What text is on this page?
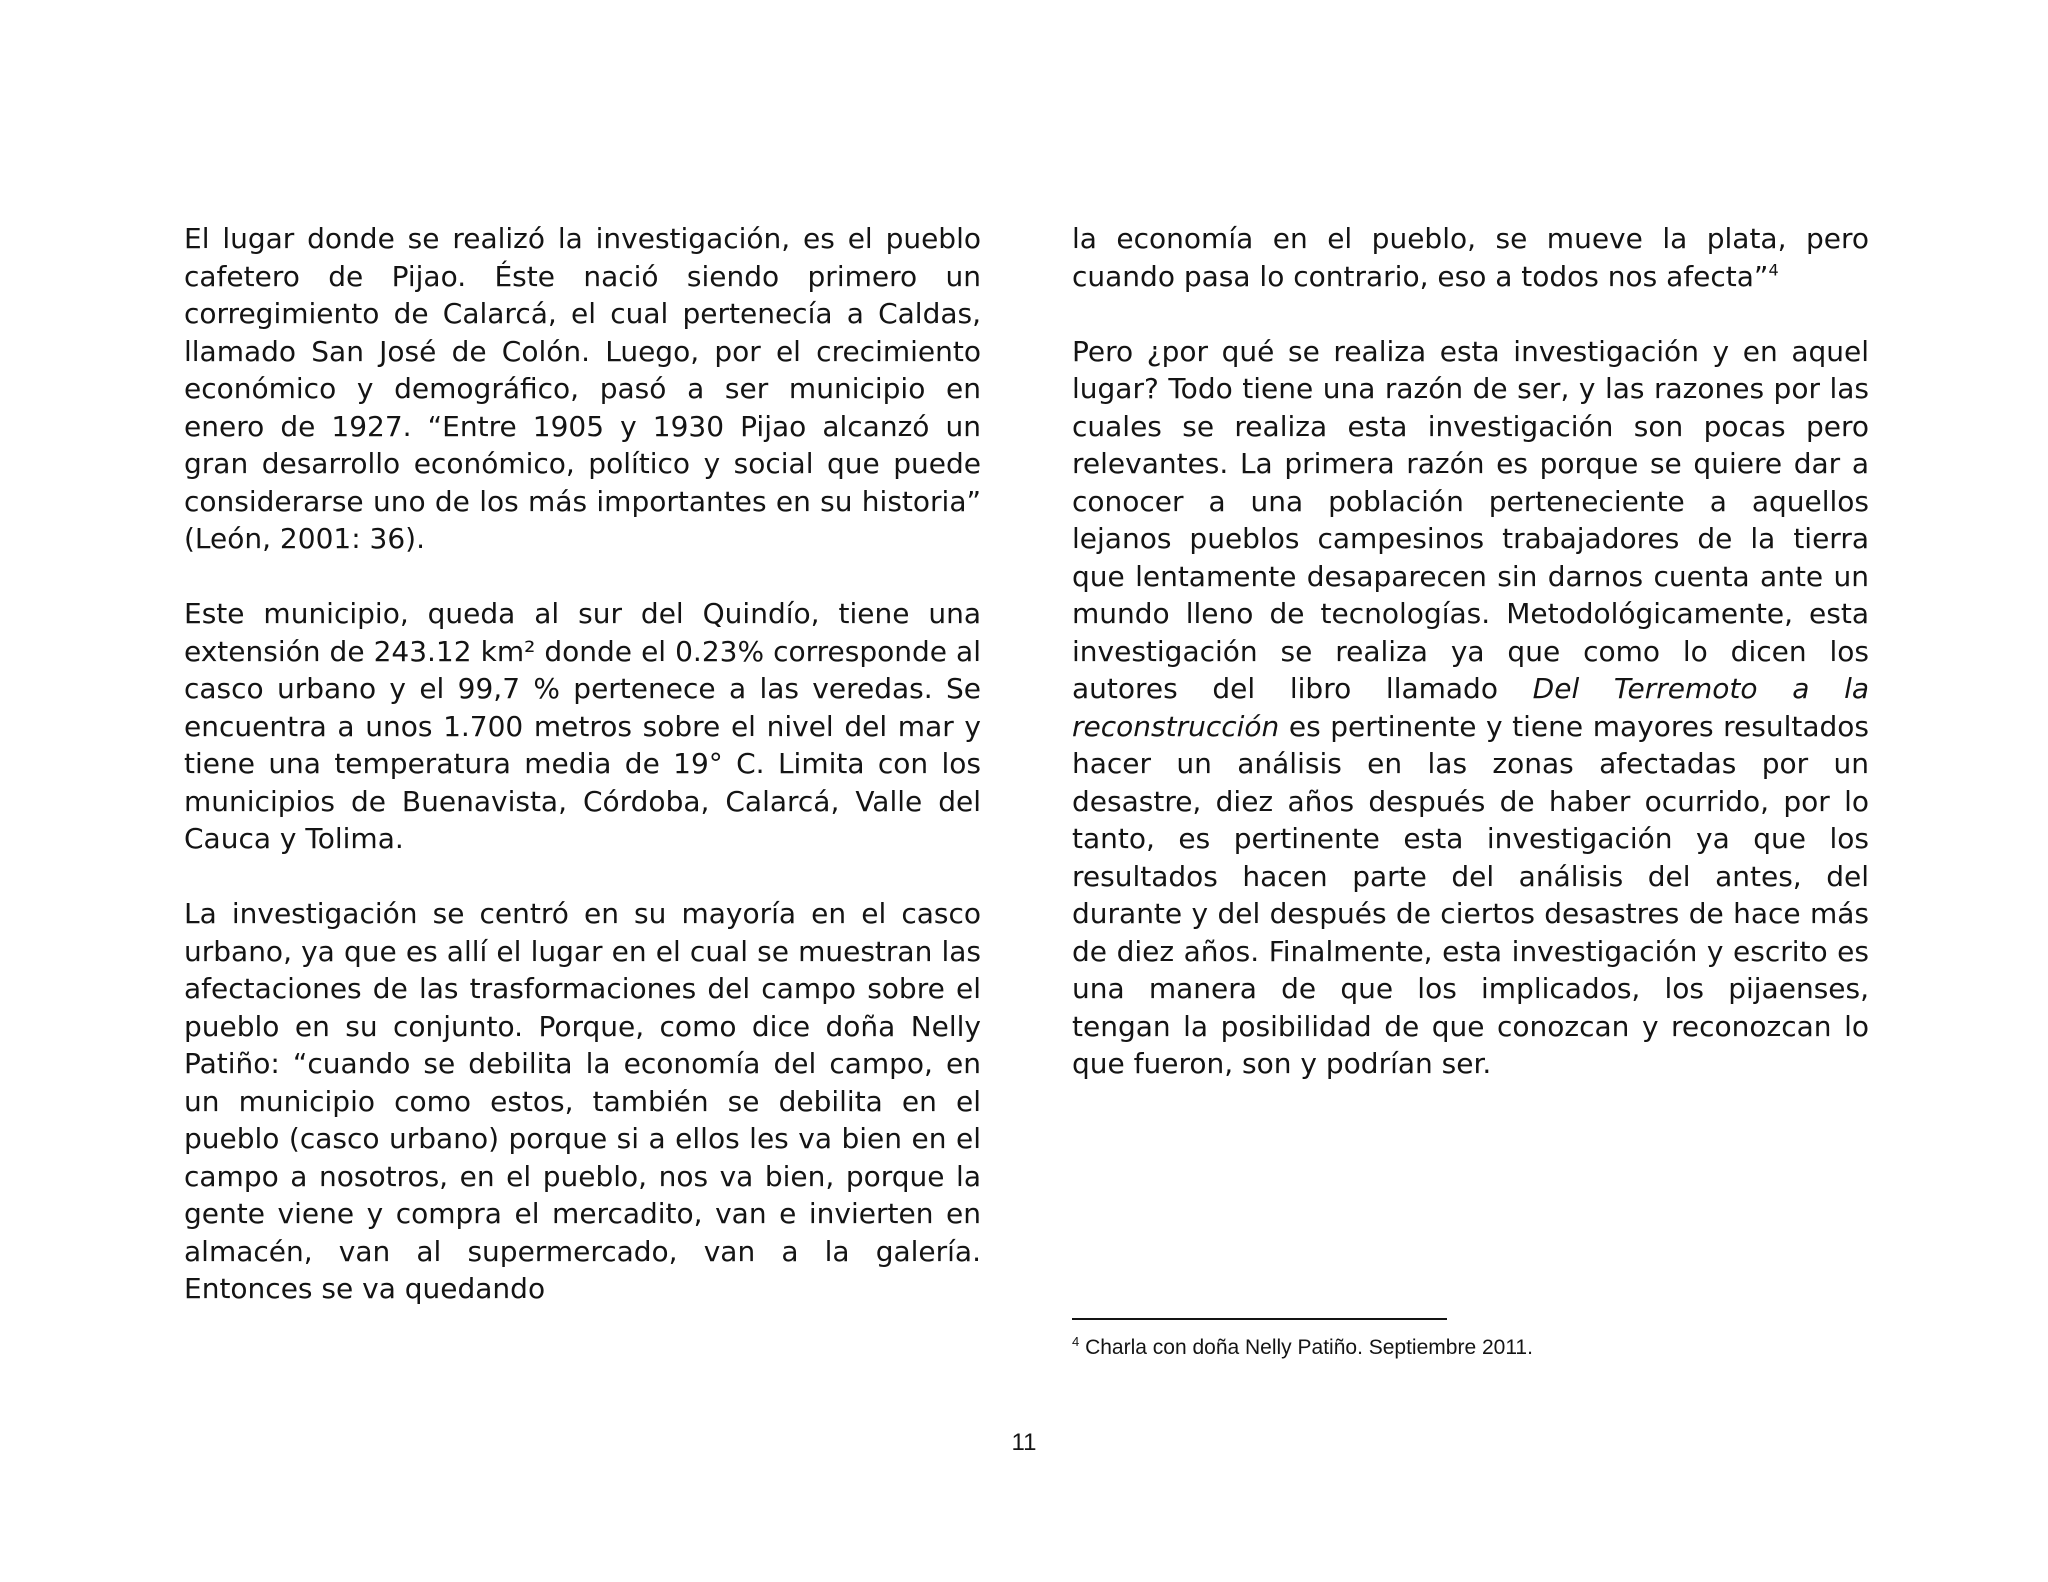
El lugar donde se realizó la investigación, es el pueblo cafetero de Pijao. Éste nació siendo primero un corregimiento de Calarcá, el cual pertenecía a Caldas, llamado San José de Colón. Luego, por el crecimiento económico y demográfico, pasó a ser municipio en enero de 1927. “Entre 1905 y 1930 Pijao alcanzó un gran desarrollo económico, político y social que puede considerarse uno de los más importantes en su historia” (León, 2001: 36).

Este municipio, queda al sur del Quindío, tiene una extensión de 243.12 km² donde el 0.23% corresponde al casco urbano y el 99,7 % pertenece a las veredas. Se encuentra a unos 1.700 metros sobre el nivel del mar y tiene una temperatura media de 19° C. Limita con los municipios de Buenavista, Córdoba, Calarcá, Valle del Cauca y Tolima.

La investigación se centró en su mayoría en el casco urbano, ya que es allí el lugar en el cual se muestran las afectaciones de las trasformaciones del campo sobre el pueblo en su conjunto. Porque, como dice doña Nelly Patiño: “cuando se debilita la economía del campo, en un municipio como estos, también se debilita en el pueblo (casco urbano) porque si a ellos les va bien en el campo a nosotros, en el pueblo, nos va bien, porque la gente viene y compra el mercadito, van e invierten en almacén, van al supermercado, van a la galería. Entonces se va quedando

la economía en el pueblo, se mueve la plata, pero cuando pasa lo contrario, eso a todos nos afecta”$^4$

Pero ¿por qué se realiza esta investigación y en aquel lugar? Todo tiene una razón de ser, y las razones por las cuales se realiza esta investigación son pocas pero relevantes. La primera razón es porque se quiere dar a conocer a una población perteneciente a aquellos lejanos pueblos campesinos trabajadores de la tierra que lentamente desaparecen sin darnos cuenta ante un mundo lleno de tecnologías. Metodológicamente, esta investigación se realiza ya que como lo dicen los autores del libro llamado Del Terremoto a la reconstrucción es pertinente y tiene mayores resultados hacer un análisis en las zonas afectadas por un desastre, diez años después de haber ocurrido, por lo tanto, es pertinente esta investigación ya que los resultados hacen parte del análisis del antes, del durante y del después de ciertos desastres de hace más de diez años. Finalmente, esta investigación y escrito es una manera de que los implicados, los pijaenses, tengan la posibilidad de que conozcan y reconozcan lo que fueron, son y podrían ser.

$^4$ Charla con doña Nelly Patiño. Septiembre 2011.
11
